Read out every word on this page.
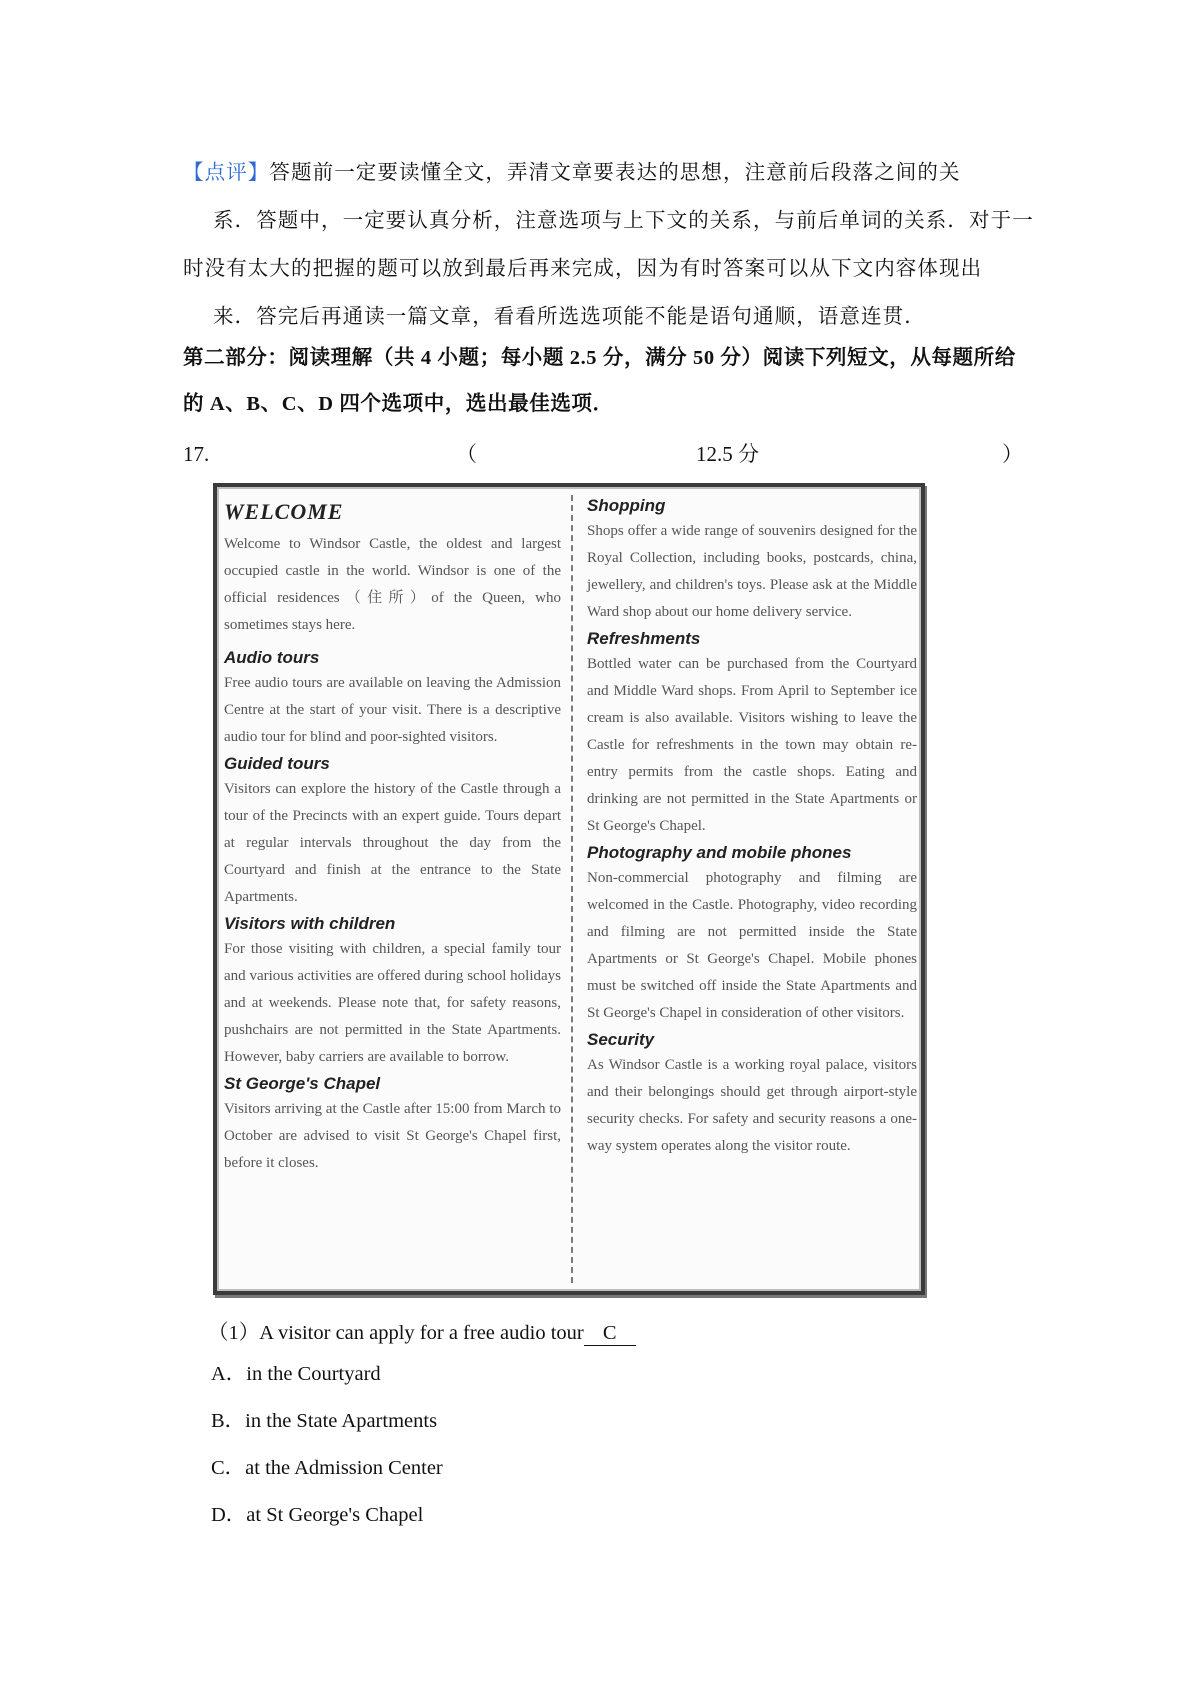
【点评】答题前一定要读懂全文，弄清文章要表达的思想，注意前后段落之间的关
系．答题中，一定要认真分析，注意选项与上下文的关系，与前后单词的关系．对于一
时没有太大的把握的题可以放到最后再来完成，因为有时答案可以从下文内容体现出
来．答完后再通读一篇文章，看看所选选项能不能是语句通顺，语意连贯．
第二部分：阅读理解（共 4 小题；每小题 2.5 分，满分 50 分）阅读下列短文，从每题所给
的 A、B、C、D 四个选项中，选出最佳选项．
17.	（	12.5 分	）
WELCOME
Welcome to Windsor Castle, the oldest and largest occupied castle in the world. Windsor is one of the official residences（住所）of the Queen, who sometimes stays here.
Audio tours
Free audio tours are available on leaving the Admission Centre at the start of your visit. There is a descriptive audio tour for blind and poor-sighted visitors.
Guided tours
Visitors can explore the history of the Castle through a tour of the Precincts with an expert guide. Tours depart at regular intervals throughout the day from the Courtyard and finish at the entrance to the State Apartments.
Visitors with children
For those visiting with children, a special family tour and various activities are offered during school holidays and at weekends. Please note that, for safety reasons, pushchairs are not permitted in the State Apartments. However, baby carriers are available to borrow.
St George's Chapel
Visitors arriving at the Castle after 15:00 from March to October are advised to visit St George's Chapel first, before it closes.
Shopping
Shops offer a wide range of souvenirs designed for the Royal Collection, including books, postcards, china, jewellery, and children's toys. Please ask at the Middle Ward shop about our home delivery service.
Refreshments
Bottled water can be purchased from the Courtyard and Middle Ward shops. From April to September ice cream is also available. Visitors wishing to leave the Castle for refreshments in the town may obtain re-entry permits from the castle shops. Eating and drinking are not permitted in the State Apartments or St George's Chapel.
Photography and mobile phones
Non-commercial photography and filming are welcomed in the Castle. Photography, video recording and filming are not permitted inside the State Apartments or St George's Chapel. Mobile phones must be switched off inside the State Apartments and St George's Chapel in consideration of other visitors.
Security
As Windsor Castle is a working royal palace, visitors and their belongings should get through airport-style security checks. For safety and security reasons a one-way system operates along the visitor route.
（1）A visitor can apply for a free audio tour C
A．in the Courtyard
B．in the State Apartments
C．at the Admission Center
D．at St George's Chapel
